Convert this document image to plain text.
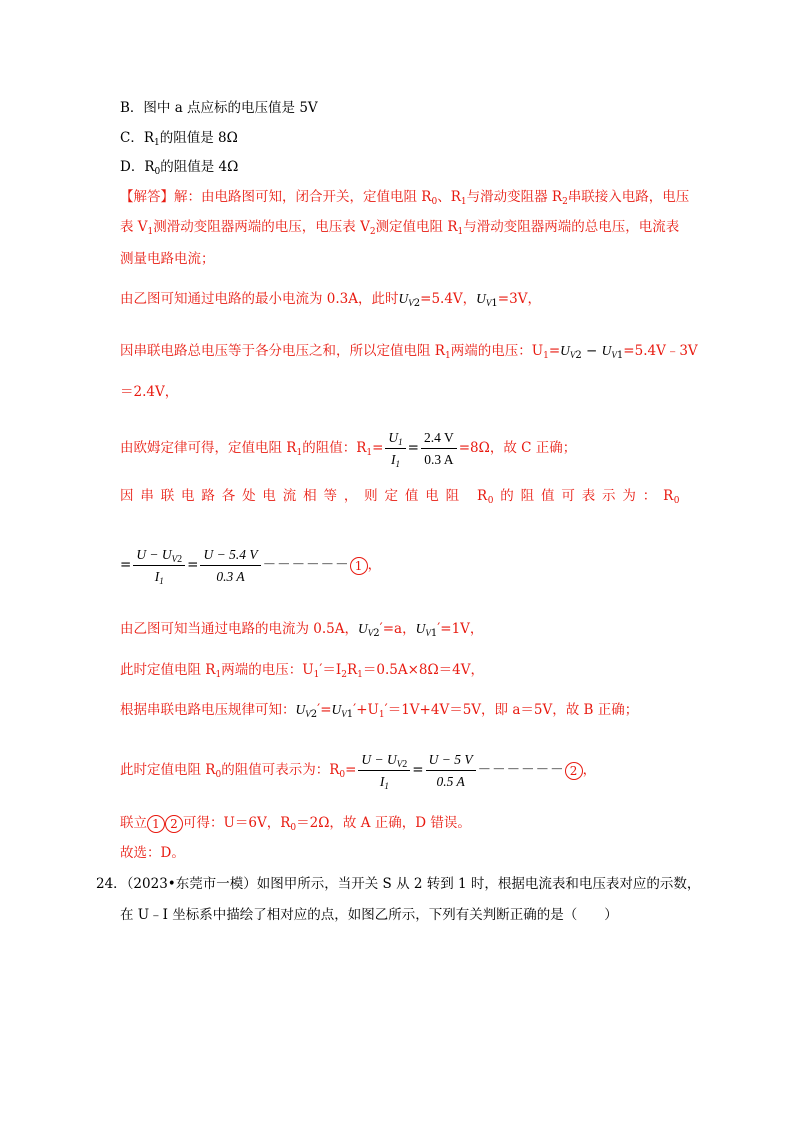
B．图中 a 点应标的电压值是 5V
C．$R_1$的阻值是 8Ω
D．$R_0$的阻值是 4Ω
【解答】解：由电路图可知，闭合开关，定值电阻 $R_0$、$R_1$与滑动变阻器 $R_2$串联接入电路，电压
表 $V_1$测滑动变阻器两端的电压，电压表 $V_2$测定值电阻 $R_1$与滑动变阻器两端的总电压，电流表
测量电路电流；
由乙图可知通过电路的最小电流为 0.3A，此时$U_{V2}=5.4V$，$U_{V1}=3V$，
因串联电路总电压等于各分电压之和，所以定值电阻 $R_1$两端的电压：$U_1=U_{V2}$ − $U_{V1}=5.4V﹣3V$
＝2.4V，
由欧姆定律可得，定值电阻 $R_1$的阻值：$R_1= \frac{U_1}{I_1} = \frac{2.4 V}{0.3 A} =8\Omega$，故 C 正确；
因串联电路各处电流相等，则定值电阻 $R_0$的阻值可表示为：$R_0$
= $\frac{U - U_{V2}}{I_1} = \frac{U - 5.4 V}{0.3 A}$ －－－－－－ 1 ，
由乙图可知当通过电路的电流为 0.5A，$U_{V2}'=a$，$U_{V1}'=1V$，
此时定值电阻 $R_1$两端的电压：$U_1'=I_2R_1=0.5A\times 8\Omega=4V$，
根据串联电路电压规律可知：$U_{V2}'=U_{V1}'+U_1'=1V+4V=5V$，即 a＝5V，故 B 正确；
此时定值电阻 $R_0$的阻值可表示为：$R_0= \frac{U - U_{V2}}{I_1} = \frac{U - 5 V}{0.5 A}$ －－－－－－ 2 ，
联立 1 2 可得：U＝6V，$R_0=2\Omega$，故 A 正确，D 错误。
故选：D。
24．（2023•东莞市一模）如图甲所示，当开关 S 从 2 转到 1 时，根据电流表和电压表对应的示数，
在 U﹣I 坐标系中描绘了相对应的点，如图乙所示，下列有关判断正确的是（　　）
